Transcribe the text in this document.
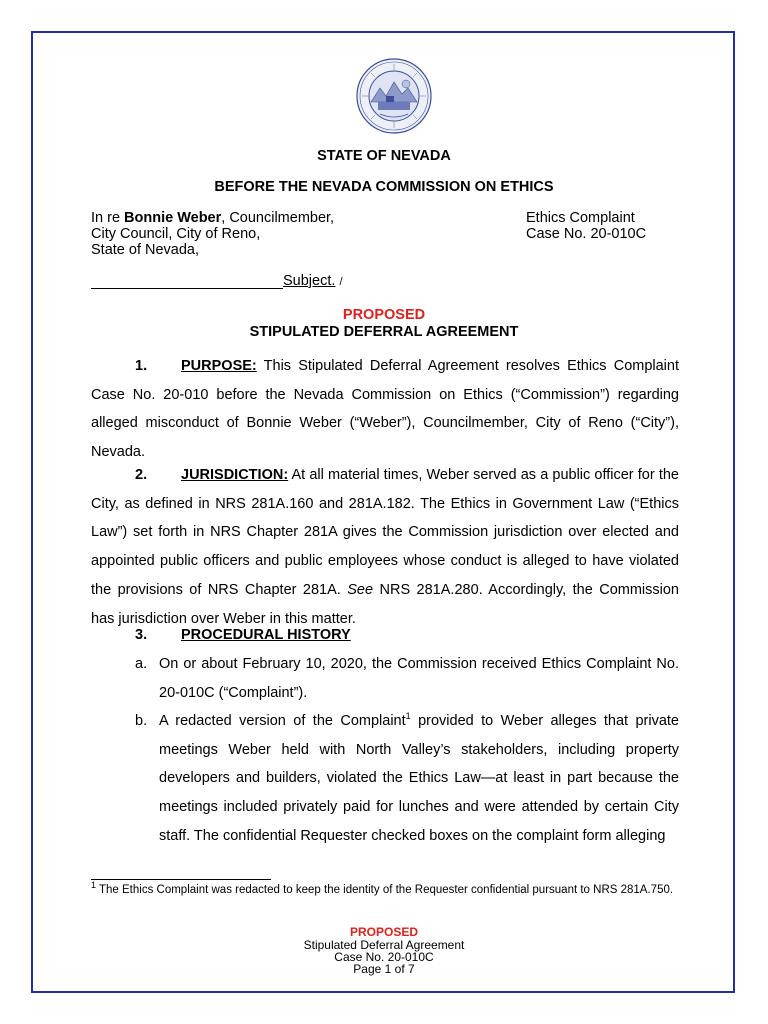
STATE OF NEVADA
BEFORE THE NEVADA COMMISSION ON ETHICS
In re Bonnie Weber, Councilmember,
City Council, City of Reno,
State of Nevada,
Ethics Complaint
Case No. 20-010C
Subject. /
PROPOSED
STIPULATED DEFERRAL AGREEMENT
1. PURPOSE: This Stipulated Deferral Agreement resolves Ethics Complaint Case No. 20-010 before the Nevada Commission on Ethics (“Commission”) regarding alleged misconduct of Bonnie Weber (“Weber”), Councilmember, City of Reno (“City”), Nevada.
2. JURISDICTION: At all material times, Weber served as a public officer for the City, as defined in NRS 281A.160 and 281A.182. The Ethics in Government Law (“Ethics Law”) set forth in NRS Chapter 281A gives the Commission jurisdiction over elected and appointed public officers and public employees whose conduct is alleged to have violated the provisions of NRS Chapter 281A. See NRS 281A.280. Accordingly, the Commission has jurisdiction over Weber in this matter.
3. PROCEDURAL HISTORY
a. On or about February 10, 2020, the Commission received Ethics Complaint No. 20-010C (“Complaint”).
b. A redacted version of the Complaint$^1$ provided to Weber alleges that private meetings Weber held with North Valley’s stakeholders, including property developers and builders, violated the Ethics Law—at least in part because the meetings included privately paid for lunches and were attended by certain City staff. The confidential Requester checked boxes on the complaint form alleging
$^1$ The Ethics Complaint was redacted to keep the identity of the Requester confidential pursuant to NRS 281A.750.
PROPOSED
Stipulated Deferral Agreement
Case No. 20-010C
Page 1 of 7
